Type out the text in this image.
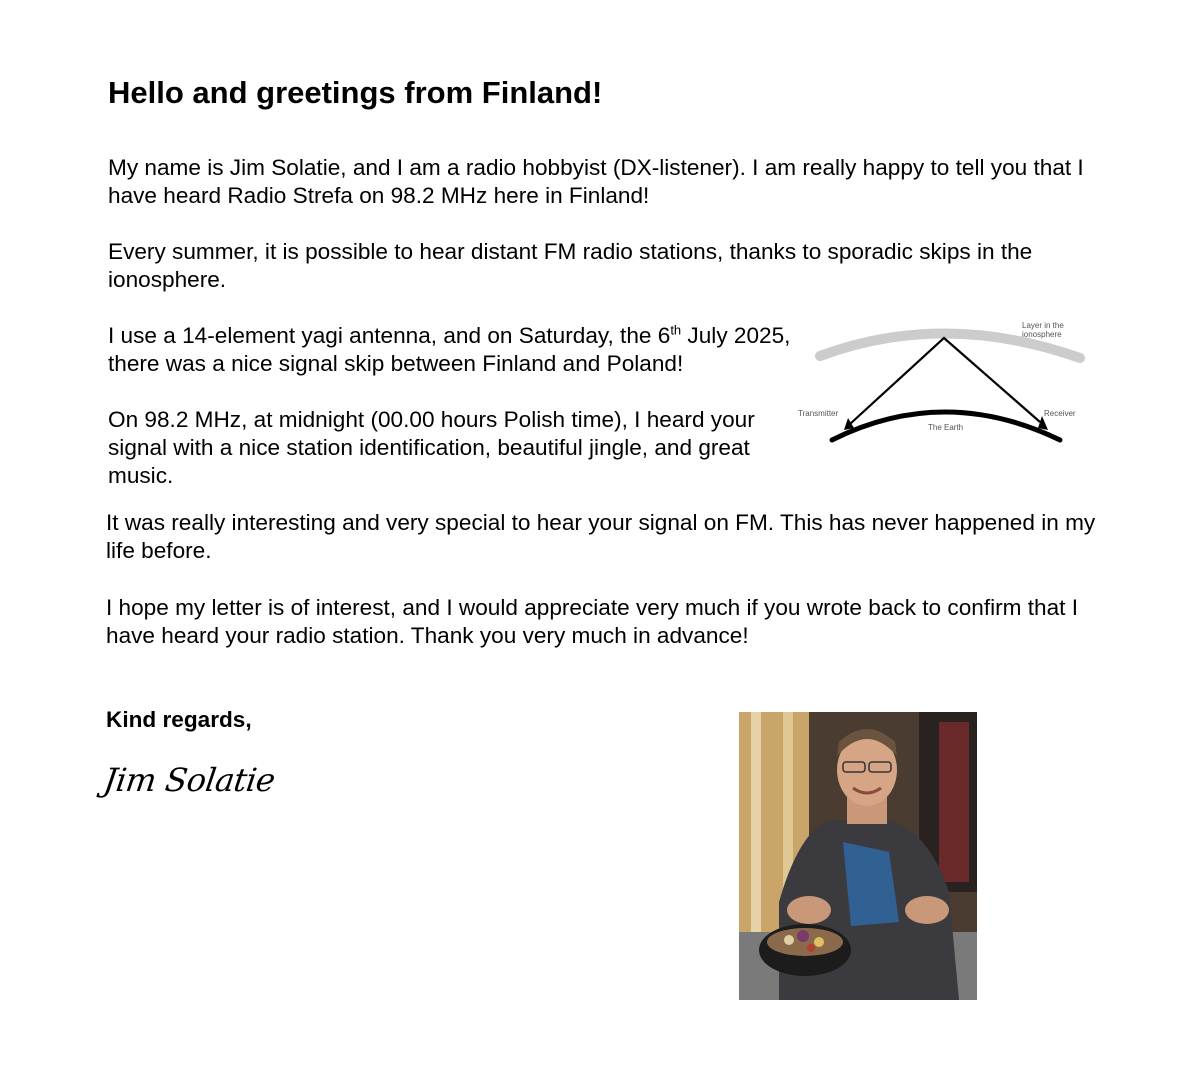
Hello and greetings from Finland!

My name is Jim Solatie, and I am a radio hobbyist (DX-listener). I am really happy to tell you that I have heard Radio Strefa on 98.2 MHz here in Finland!

Every summer, it is possible to hear distant FM radio stations, thanks to sporadic skips in the ionosphere.

I use a 14-element yagi antenna, and on Saturday, the 6th July 2025, there was a nice signal skip between Finland and Poland!

On 98.2 MHz, at midnight (00.00 hours Polish time), I heard your signal with a nice station identification, beautiful jingle, and great music.

Layer in the
ionosphere
Transmitter	Receiver
The Earth

It was really interesting and very special to hear your signal on FM. This has never happened in my life before.

I hope my letter is of interest, and I would appreciate very much if you wrote back to confirm that I have heard your radio station. Thank you very much in advance!

Kind regards,
Jim Solatie
